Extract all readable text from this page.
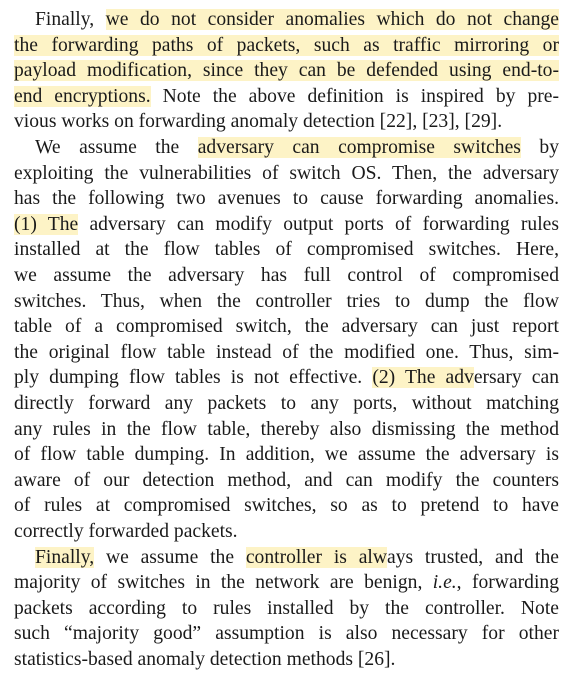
Finally, we do not consider anomalies which do not change
the forwarding paths of packets, such as traffic mirroring or
payload modification, since they can be defended using end-to-
end encryptions. Note the above definition is inspired by pre-
vious works on forwarding anomaly detection [22], [23], [29].
We assume the adversary can compromise switches by
exploiting the vulnerabilities of switch OS. Then, the adversary
has the following two avenues to cause forwarding anomalies.
(1) The adversary can modify output ports of forwarding rules
installed at the flow tables of compromised switches. Here,
we assume the adversary has full control of compromised
switches. Thus, when the controller tries to dump the flow
table of a compromised switch, the adversary can just report
the original flow table instead of the modified one. Thus, sim-
ply dumping flow tables is not effective. (2) The adversary can
directly forward any packets to any ports, without matching
any rules in the flow table, thereby also dismissing the method
of flow table dumping. In addition, we assume the adversary is
aware of our detection method, and can modify the counters
of rules at compromised switches, so as to pretend to have
correctly forwarded packets.
Finally, we assume the controller is always trusted, and the
majority of switches in the network are benign, i.e., forwarding
packets according to rules installed by the controller. Note
such “majority good” assumption is also necessary for other
statistics-based anomaly detection methods [26].
